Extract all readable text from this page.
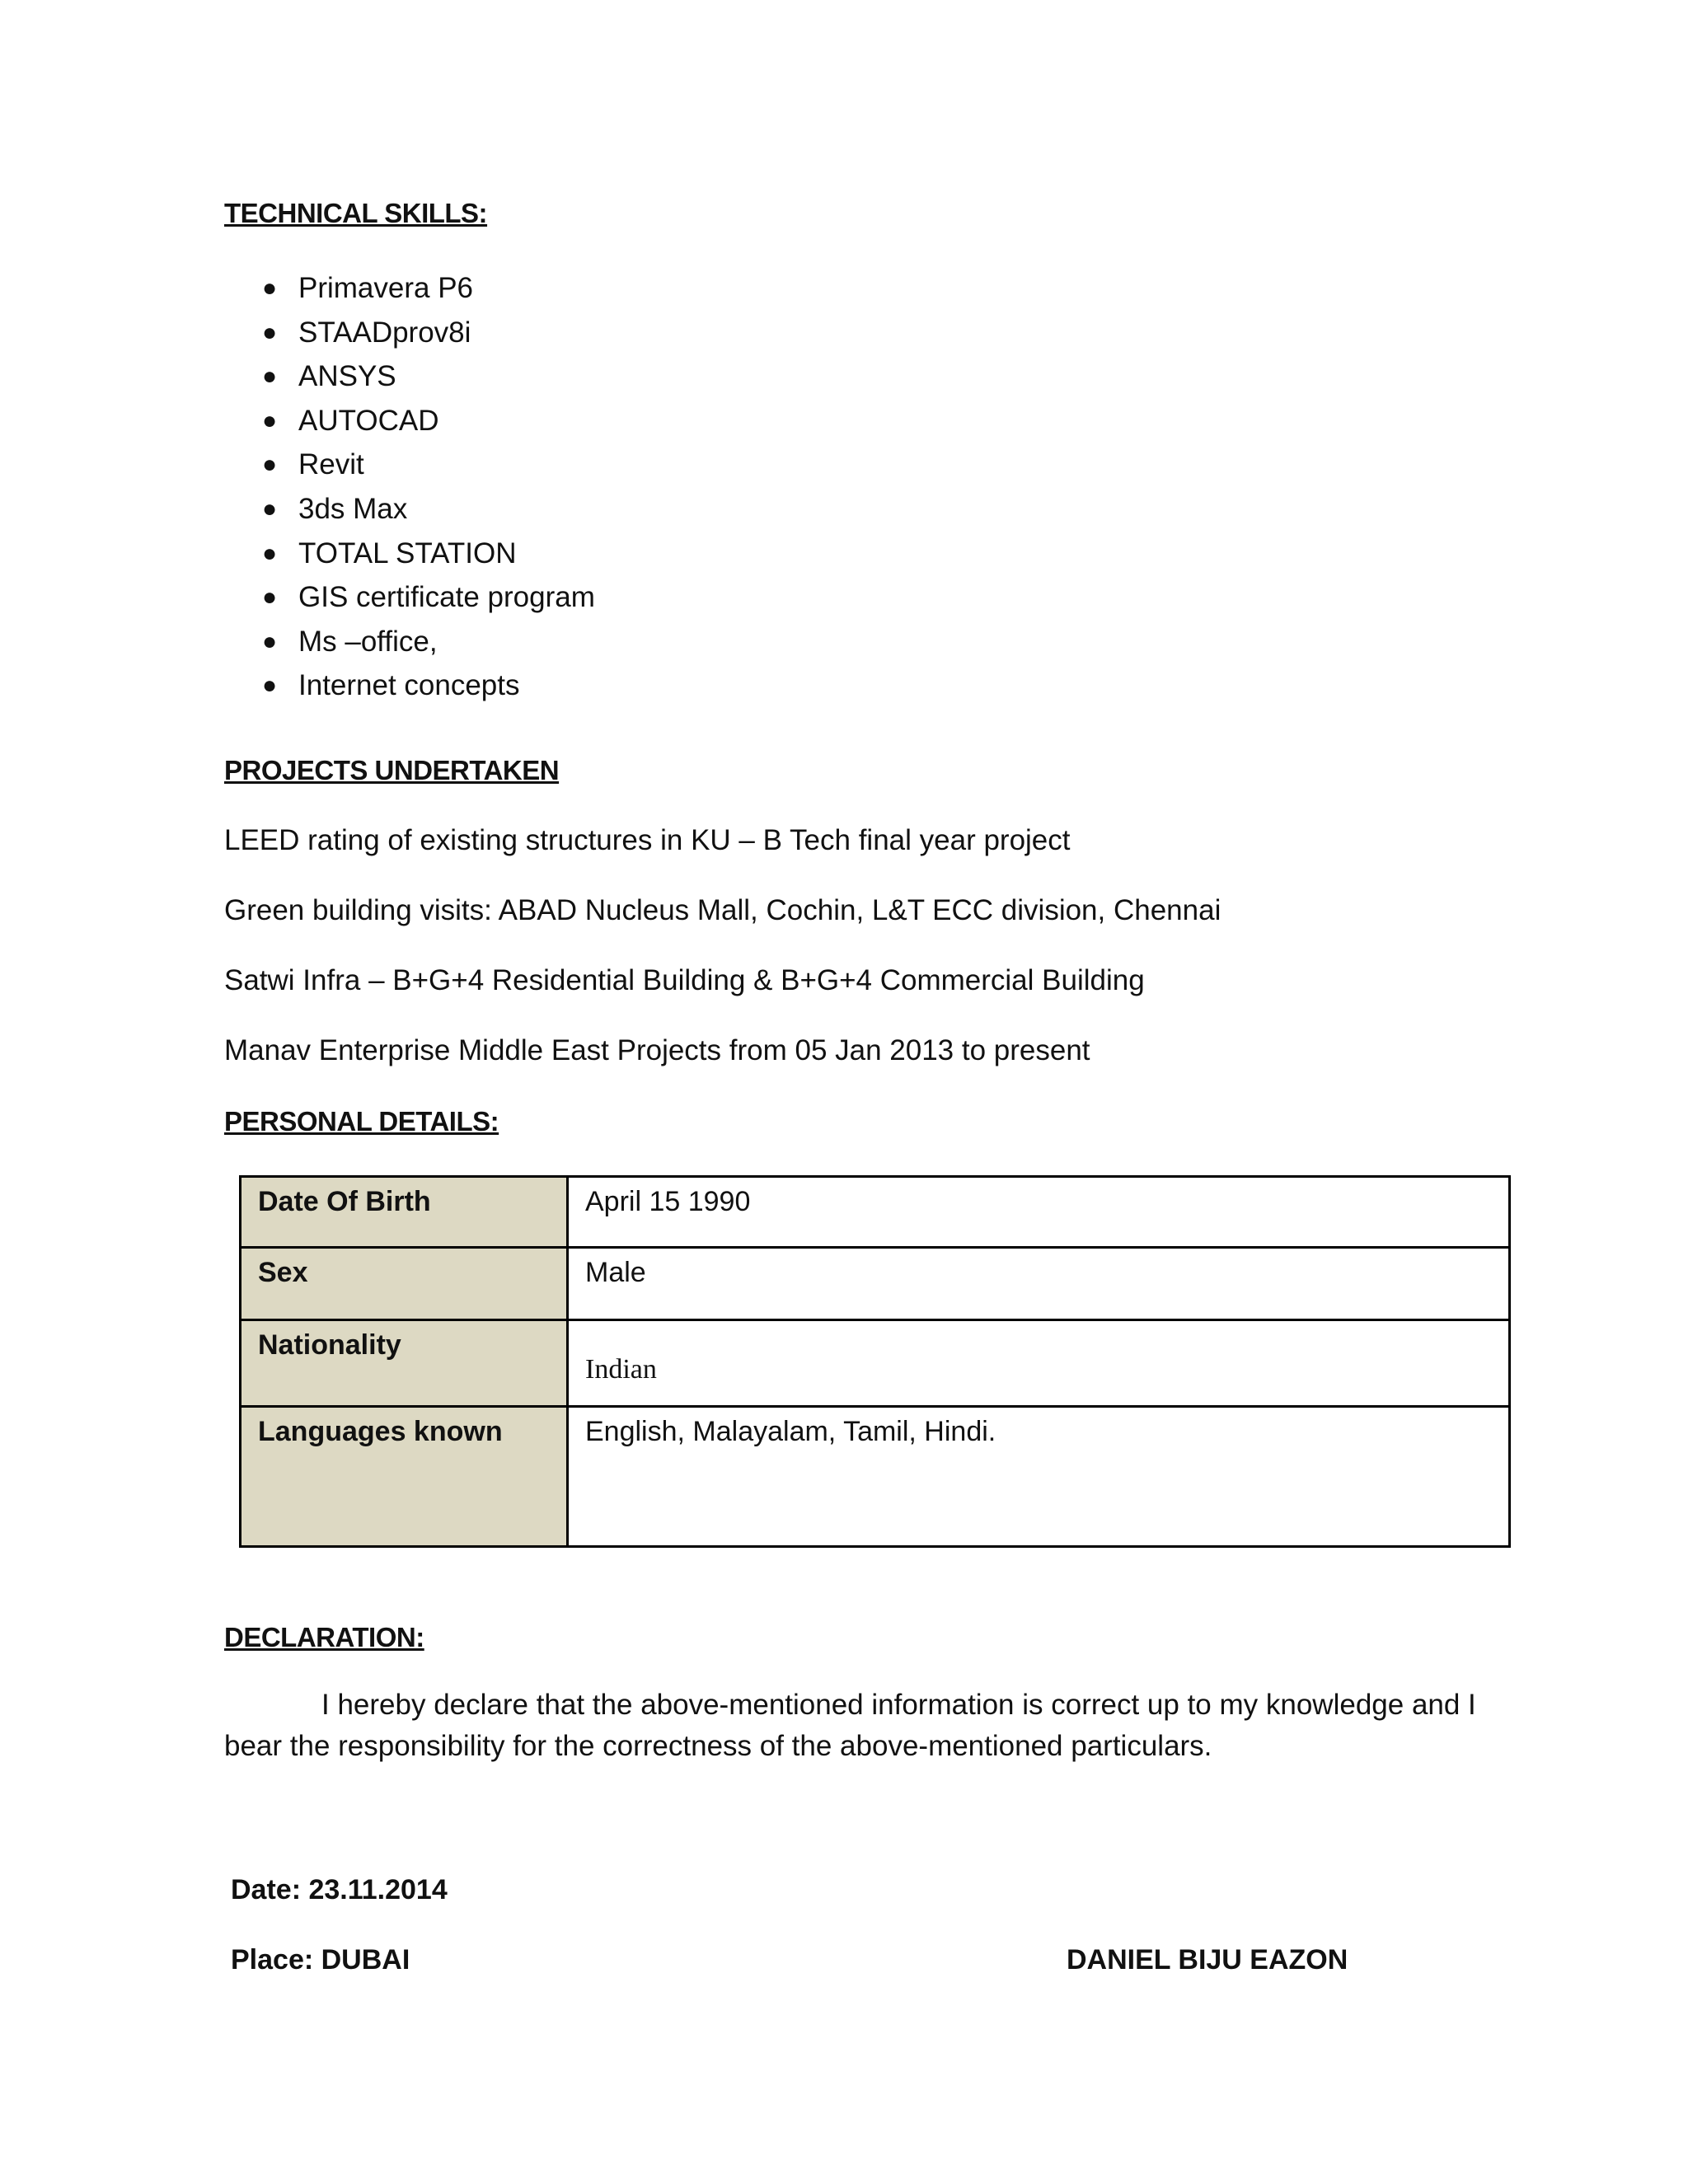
TECHNICAL SKILLS:
● Primavera P6
● STAADprov8i
● ANSYS
● AUTOCAD
● Revit
● 3ds Max
● TOTAL STATION
● GIS certificate program
● Ms –office,
● Internet concepts
PROJECTS UNDERTAKEN
LEED rating of existing structures in KU – B Tech final year project
Green building visits: ABAD Nucleus Mall, Cochin, L&T ECC division, Chennai
Satwi Infra – B+G+4 Residential Building & B+G+4 Commercial Building
Manav Enterprise Middle East Projects from 05 Jan 2013 to present
PERSONAL DETAILS:
Date Of Birth	April 15 1990
Sex	Male
Nationality	Indian
Languages known	English, Malayalam, Tamil, Hindi.
DECLARATION:
I hereby declare that the above-mentioned information is correct up to my knowledge and I bear the responsibility for the correctness of the above-mentioned particulars.
Date: 23.11.2014
Place: DUBAI	DANIEL BIJU EAZON
